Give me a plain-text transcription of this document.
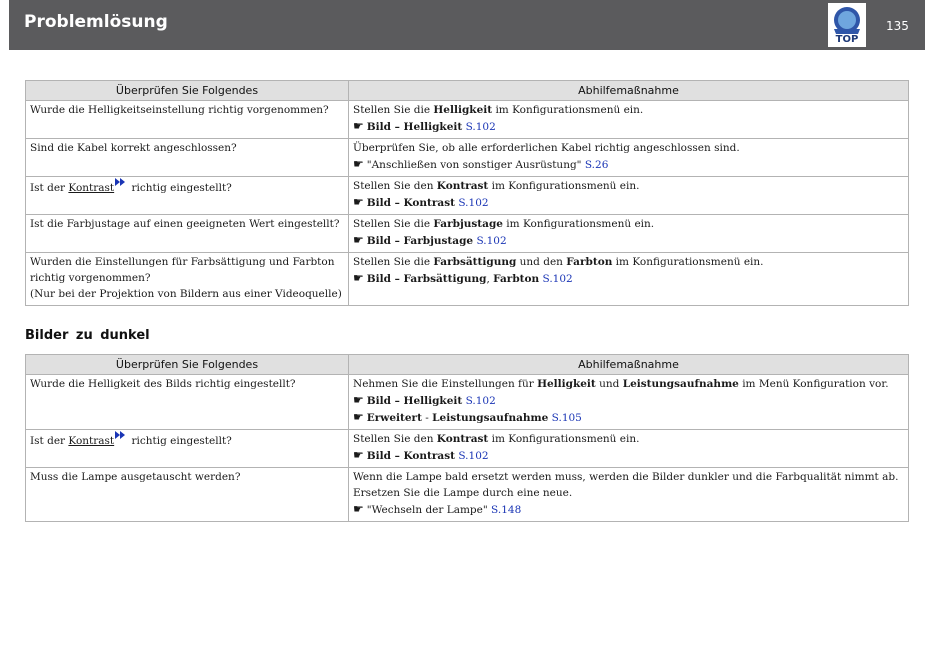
Problemlösung
TOP
135
Überprüfen Sie Folgendes	Abhilfemaßnahme
Wurde die Helligkeitseinstellung richtig vorgenommen?	Stellen Sie die Helligkeit im Konfigurationsmenü ein.
☛ Bild – Helligkeit S.102

Sind die Kabel korrekt angeschlossen?	Überprüfen Sie, ob alle erforderlichen Kabel richtig angeschlossen sind.
☛ "Anschließen von sonstiger Ausrüstung" S.26

Ist der Kontrast richtig eingestellt?	Stellen Sie den Kontrast im Konfigurationsmenü ein.
☛ Bild – Kontrast S.102

Ist die Farbjustage auf einen geeigneten Wert eingestellt?	Stellen Sie die Farbjustage im Konfigurationsmenü ein.
☛ Bild – Farbjustage S.102

Wurden die Einstellungen für Farbsättigung und Farbton richtig vorgenommen?
(Nur bei der Projektion von Bildern aus einer Videoquelle)	Stellen Sie die Farbsättigung und den Farbton im Konfigurationsmenü ein.
☛ Bild – Farbsättigung, Farbton S.102
Bilder zu dunkel
Überprüfen Sie Folgendes	Abhilfemaßnahme
Wurde die Helligkeit des Bilds richtig eingestellt?	Nehmen Sie die Einstellungen für Helligkeit und Leistungsaufnahme im Menü Konfiguration vor.
☛ Bild – Helligkeit S.102
☛ Erweitert - Leistungsaufnahme S.105

Ist der Kontrast richtig eingestellt?	Stellen Sie den Kontrast im Konfigurationsmenü ein.
☛ Bild – Kontrast S.102

Muss die Lampe ausgetauscht werden?	Wenn die Lampe bald ersetzt werden muss, werden die Bilder dunkler und die Farbqualität nimmt ab. Ersetzen Sie die Lampe durch eine neue.
☛ "Wechseln der Lampe" S.148
